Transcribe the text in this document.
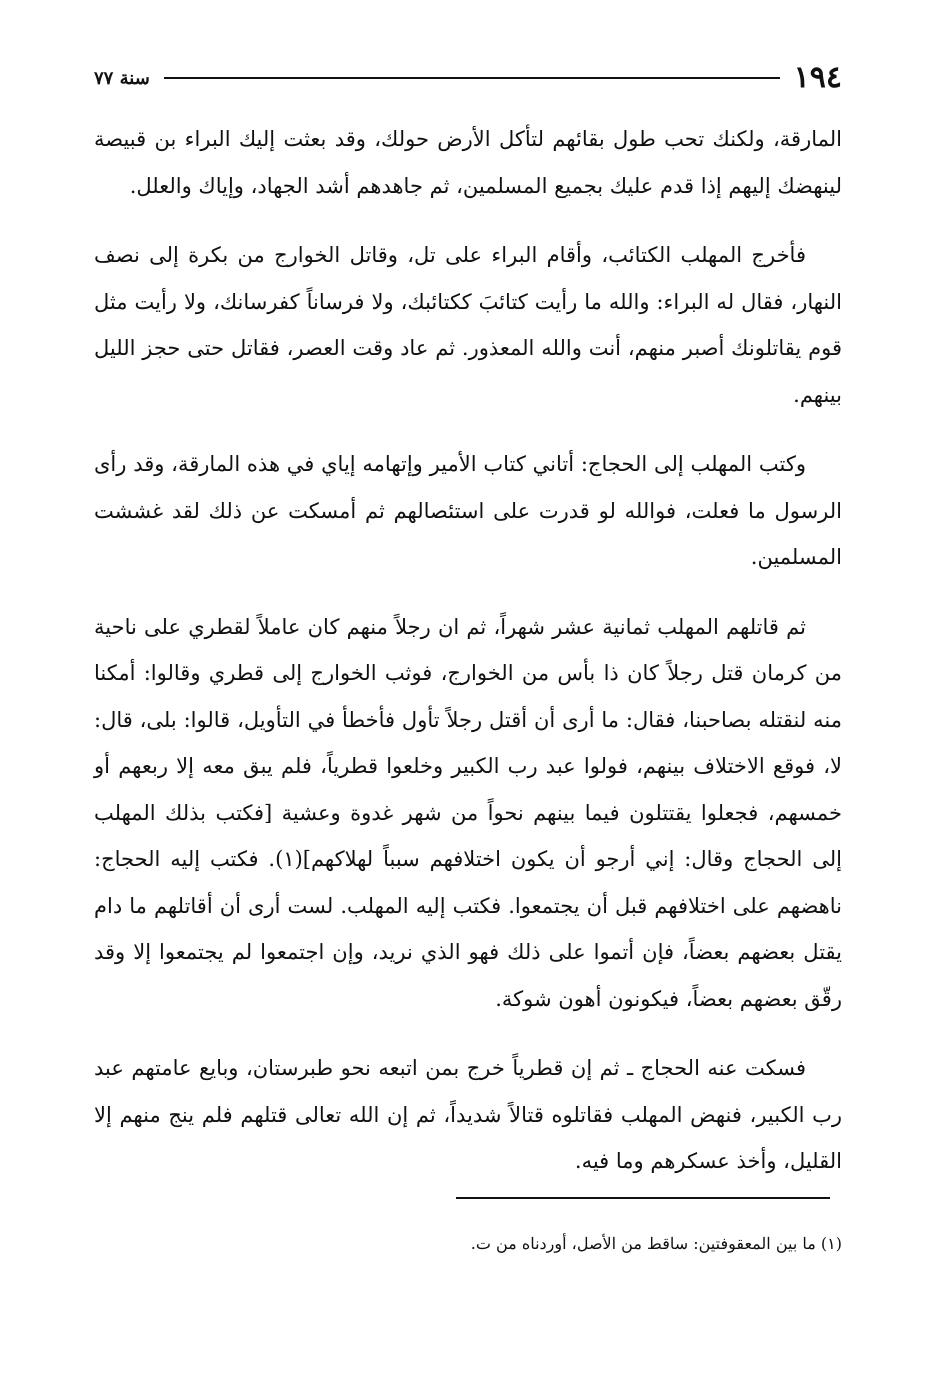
١٩٤
سنة ٧٧

المارقة، ولكنك تحب طول بقائهم لتأكل الأرض حولك، وقد بعثت إليك البراء بن قبيصة لينهضك إليهم إذا قدم عليك بجميع المسلمين، ثم جاهدهم أشد الجهاد، وإياك والعلل.

فأخرج المهلب الكتائب، وأقام البراء على تل، وقاتل الخوارج من بكرة إلى نصف النهار، فقال له البراء: والله ما رأيت كتائبَ ككتائبك، ولا فرساناً كفرسانك، ولا رأيت مثل قوم يقاتلونك أصبر منهم، أنت والله المعذور. ثم عاد وقت العصر، فقاتل حتى حجز الليل بينهم.

وكتب المهلب إلى الحجاج: أتاني كتاب الأمير وإتهامه إياي في هذه المارقة، وقد رأى الرسول ما فعلت، فوالله لو قدرت على استئصالهم ثم أمسكت عن ذلك لقد غششت المسلمين.

ثم قاتلهم المهلب ثمانية عشر شهراً، ثم ان رجلاً منهم كان عاملاً لقطري على ناحية من كرمان قتل رجلاً كان ذا بأس من الخوارج، فوثب الخوارج إلى قطري وقالوا: أمكنا منه لنقتله بصاحبنا، فقال: ما أرى أن أقتل رجلاً تأول فأخطأ في التأويل، قالوا: بلى، قال: لا، فوقع الاختلاف بينهم، فولوا عبد رب الكبير وخلعوا قطرياً، فلم يبق معه إلا ربعهم أو خمسهم، فجعلوا يقتتلون فيما بينهم نحواً من شهر غدوة وعشية [فكتب بذلك المهلب إلى الحجاج وقال: إني أرجو أن يكون اختلافهم سبباً لهلاكهم](١). فكتب إليه الحجاج: ناهضهم على اختلافهم قبل أن يجتمعوا. فكتب إليه المهلب. لست أرى أن أقاتلهم ما دام يقتل بعضهم بعضاً، فإن أتموا على ذلك فهو الذي نريد، وإن اجتمعوا لم يجتمعوا إلا وقد رقّق بعضهم بعضاً، فيكونون أهون شوكة.

فسكت عنه الحجاج ـ ثم إن قطرياً خرج بمن اتبعه نحو طبرستان، وبايع عامتهم عبد رب الكبير، فنهض المهلب فقاتلوه قتالاً شديداً، ثم إن الله تعالى قتلهم فلم ينج منهم إلا القليل، وأخذ عسكرهم وما فيه.

(١) ما بين المعقوفتين: ساقط من الأصل، أوردناه من ت.
